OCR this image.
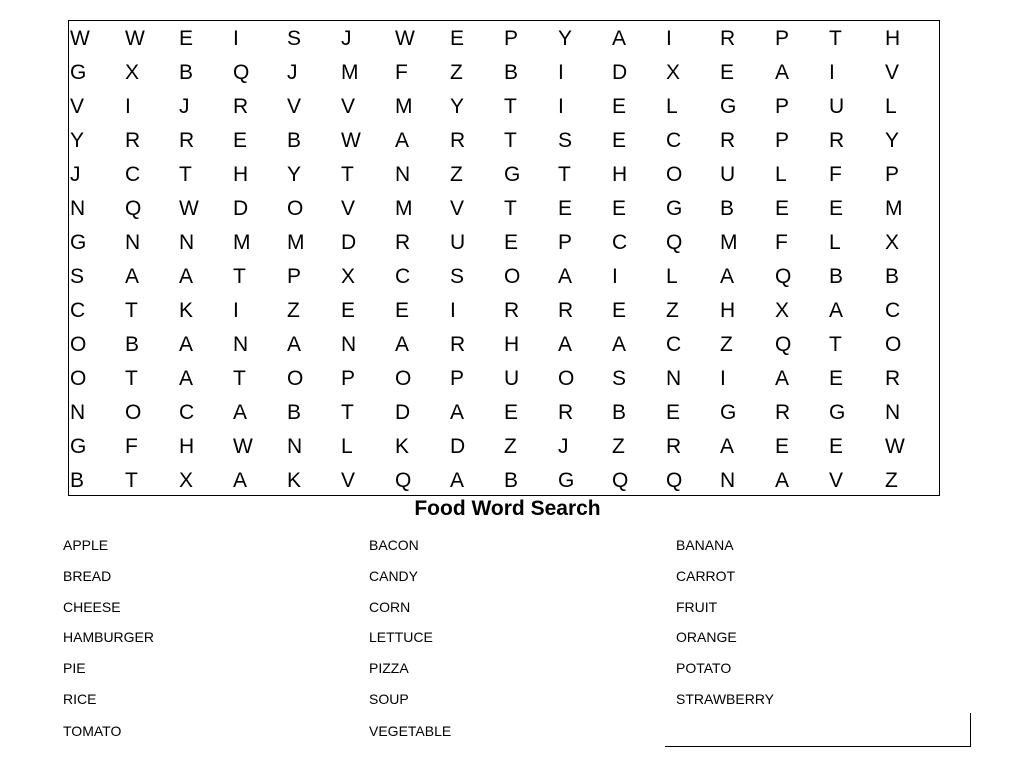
W W E I S J W E P Y A I R P T H
G X B Q J M F Z B I D X E A I V
V I J R V V M Y T I E L G P U L
Y R R E B W A R T S E C R P R Y
J C T H Y T N Z G T H O U L F P
N Q W D O V M V T E E G B E E M
G N N M M D R U E P C Q M F L X
S A A T P X C S O A I L A Q B B
C T K I Z E E I R R E Z H X A C
O B A N A N A R H A A C Z Q T O
O T A T O P O P U O S N I A E R
N O C A B T D A E R B E G R G N
G F H W N L K D Z J Z R A E E W
B T X A K V Q A B G Q Q N A V Z
Food Word Search
APPLE	BACON	BANANA
BREAD	CANDY	CARROT
CHEESE	CORN	FRUIT
HAMBURGER	LETTUCE	ORANGE
PIE	PIZZA	POTATO
RICE	SOUP	STRAWBERRY
TOMATO	VEGETABLE
